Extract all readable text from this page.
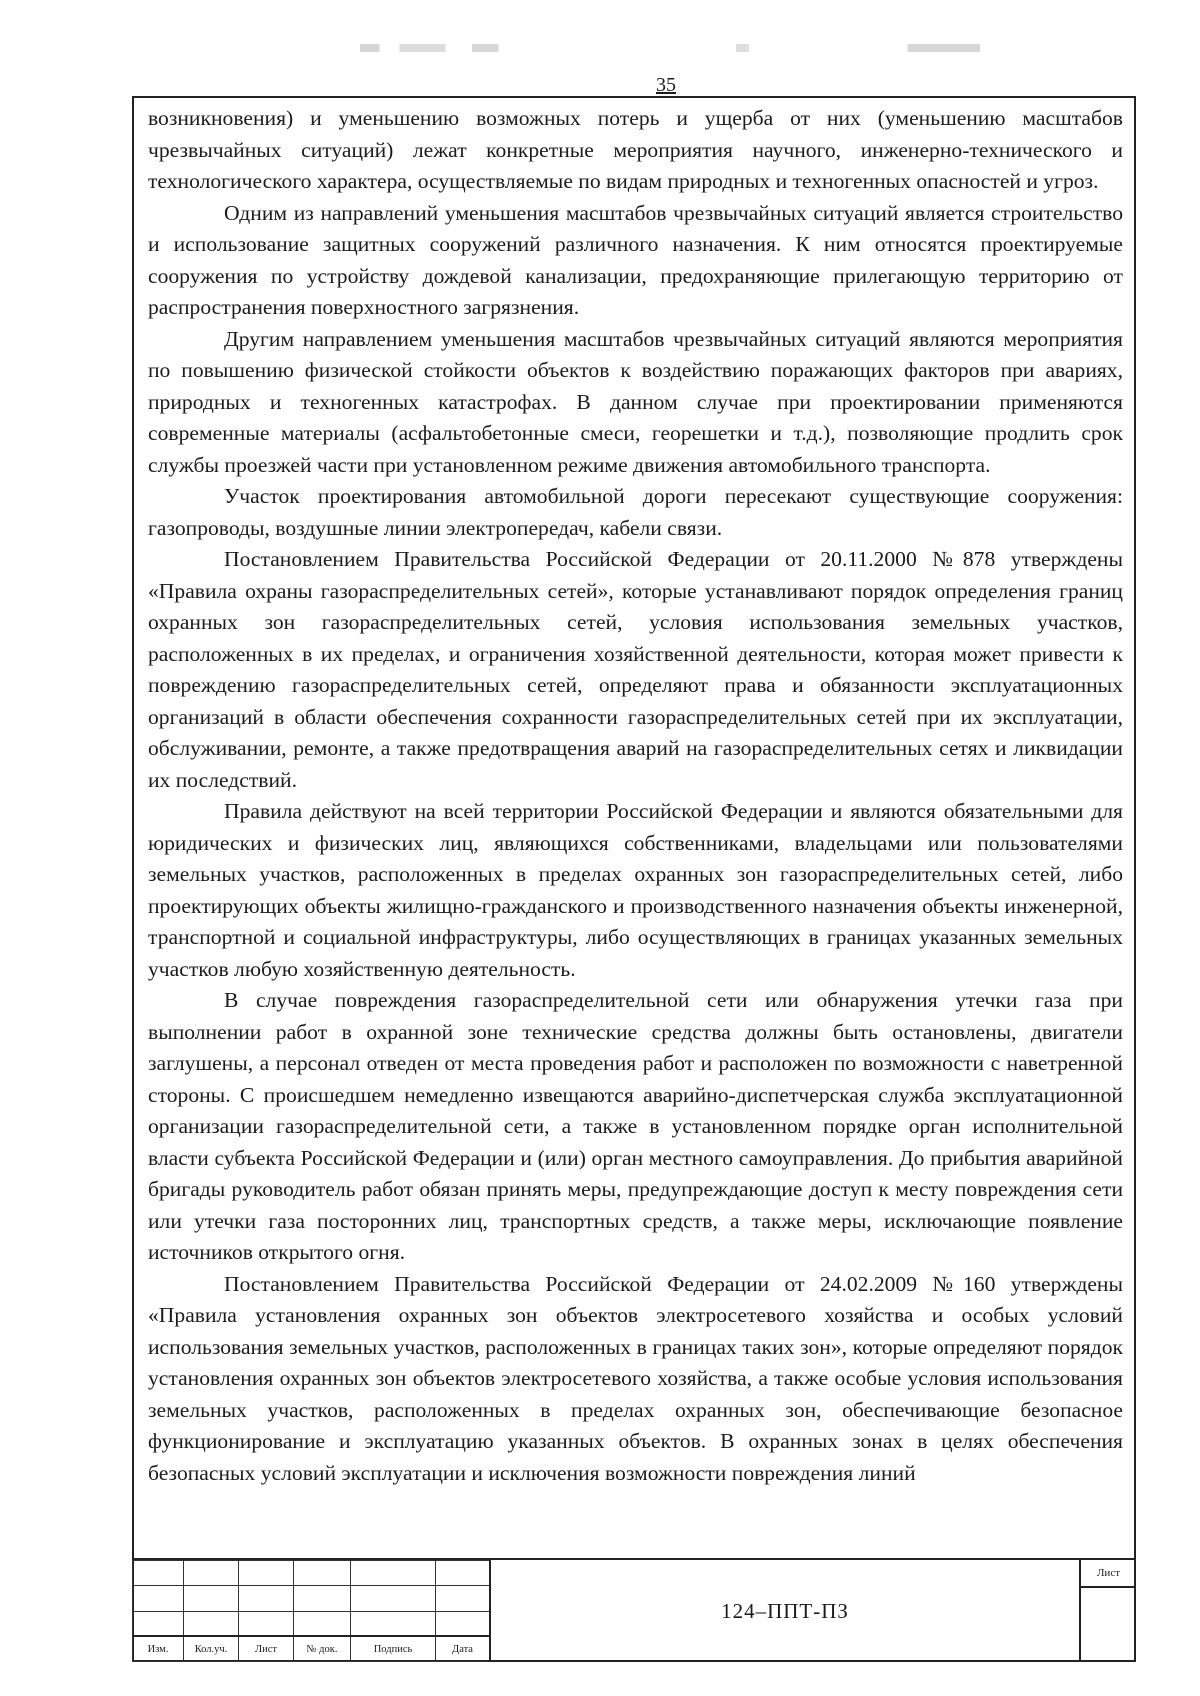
35

возникновения) и уменьшению возможных потерь и ущерба от них (уменьшению масштабов чрезвычайных ситуаций) лежат конкретные мероприятия научного, инженерно-технического и технологического характера, осуществляемые по видам природных и техногенных опасностей и угроз.

Одним из направлений уменьшения масштабов чрезвычайных ситуаций является строительство и использование защитных сооружений различного назначения. К ним относятся проектируемые сооружения по устройству дождевой канализации, предохраняющие прилегающую территорию от распространения поверхностного загрязнения.

Другим направлением уменьшения масштабов чрезвычайных ситуаций являются мероприятия по повышению физической стойкости объектов к воздействию поражающих факторов при авариях, природных и техногенных катастрофах. В данном случае при проектировании применяются современные материалы (асфальтобетонные смеси, георешетки и т.д.), позволяющие продлить срок службы проезжей части при установленном режиме движения автомобильного транспорта.

Участок проектирования автомобильной дороги пересекают существующие сооружения: газопроводы, воздушные линии электропередач, кабели связи.

Постановлением Правительства Российской Федерации от 20.11.2000 №878 утверждены «Правила охраны газораспределительных сетей», которые устанавливают порядок определения границ охранных зон газораспределительных сетей, условия использования земельных участков, расположенных в их пределах, и ограничения хозяйственной деятельности, которая может привести к повреждению газораспределительных сетей, определяют права и обязанности эксплуатационных организаций в области обеспечения сохранности газораспределительных сетей при их эксплуатации, обслуживании, ремонте, а также предотвращения аварий на газораспределительных сетях и ликвидации их последствий.

Правила действуют на всей территории Российской Федерации и являются обязательными для юридических и физических лиц, являющихся собственниками, владельцами или пользователями земельных участков, расположенных в пределах охранных зон газораспределительных сетей, либо проектирующих объекты жилищно-гражданского и производственного назначения объекты инженерной, транспортной и социальной инфраструктуры, либо осуществляющих в границах указанных земельных участков любую хозяйственную деятельность.

В случае повреждения газораспределительной сети или обнаружения утечки газа при выполнении работ в охранной зоне технические средства должны быть остановлены, двигатели заглушены, а персонал отведен от места проведения работ и расположен по возможности с наветренной стороны. С происшедшем немедленно извещаются аварийно-диспетчерская служба эксплуатационной организации газораспределительной сети, а также в установленном порядке орган исполнительной власти субъекта Российской Федерации и (или) орган местного самоуправления. До прибытия аварийной бригады руководитель работ обязан принять меры, предупреждающие доступ к месту повреждения сети или утечки газа посторонних лиц, транспортных средств, а также меры, исключающие появление источников открытого огня.

Постановлением Правительства Российской Федерации от 24.02.2009 №160 утверждены «Правила установления охранных зон объектов электросетевого хозяйства и особых условий использования земельных участков, расположенных в границах таких зон», которые определяют порядок установления охранных зон объектов электросетевого хозяйства, а также особые условия использования земельных участков, расположенных в пределах охранных зон, обеспечивающие безопасное функционирование и эксплуатацию указанных объектов. В охранных зонах в целях обеспечения безопасных условий эксплуатации и исключения возможности повреждения линий

Изм.	Кол.уч.	Лист	№ док.	Подпись	Дата
124–ППТ-ПЗ
Лист
